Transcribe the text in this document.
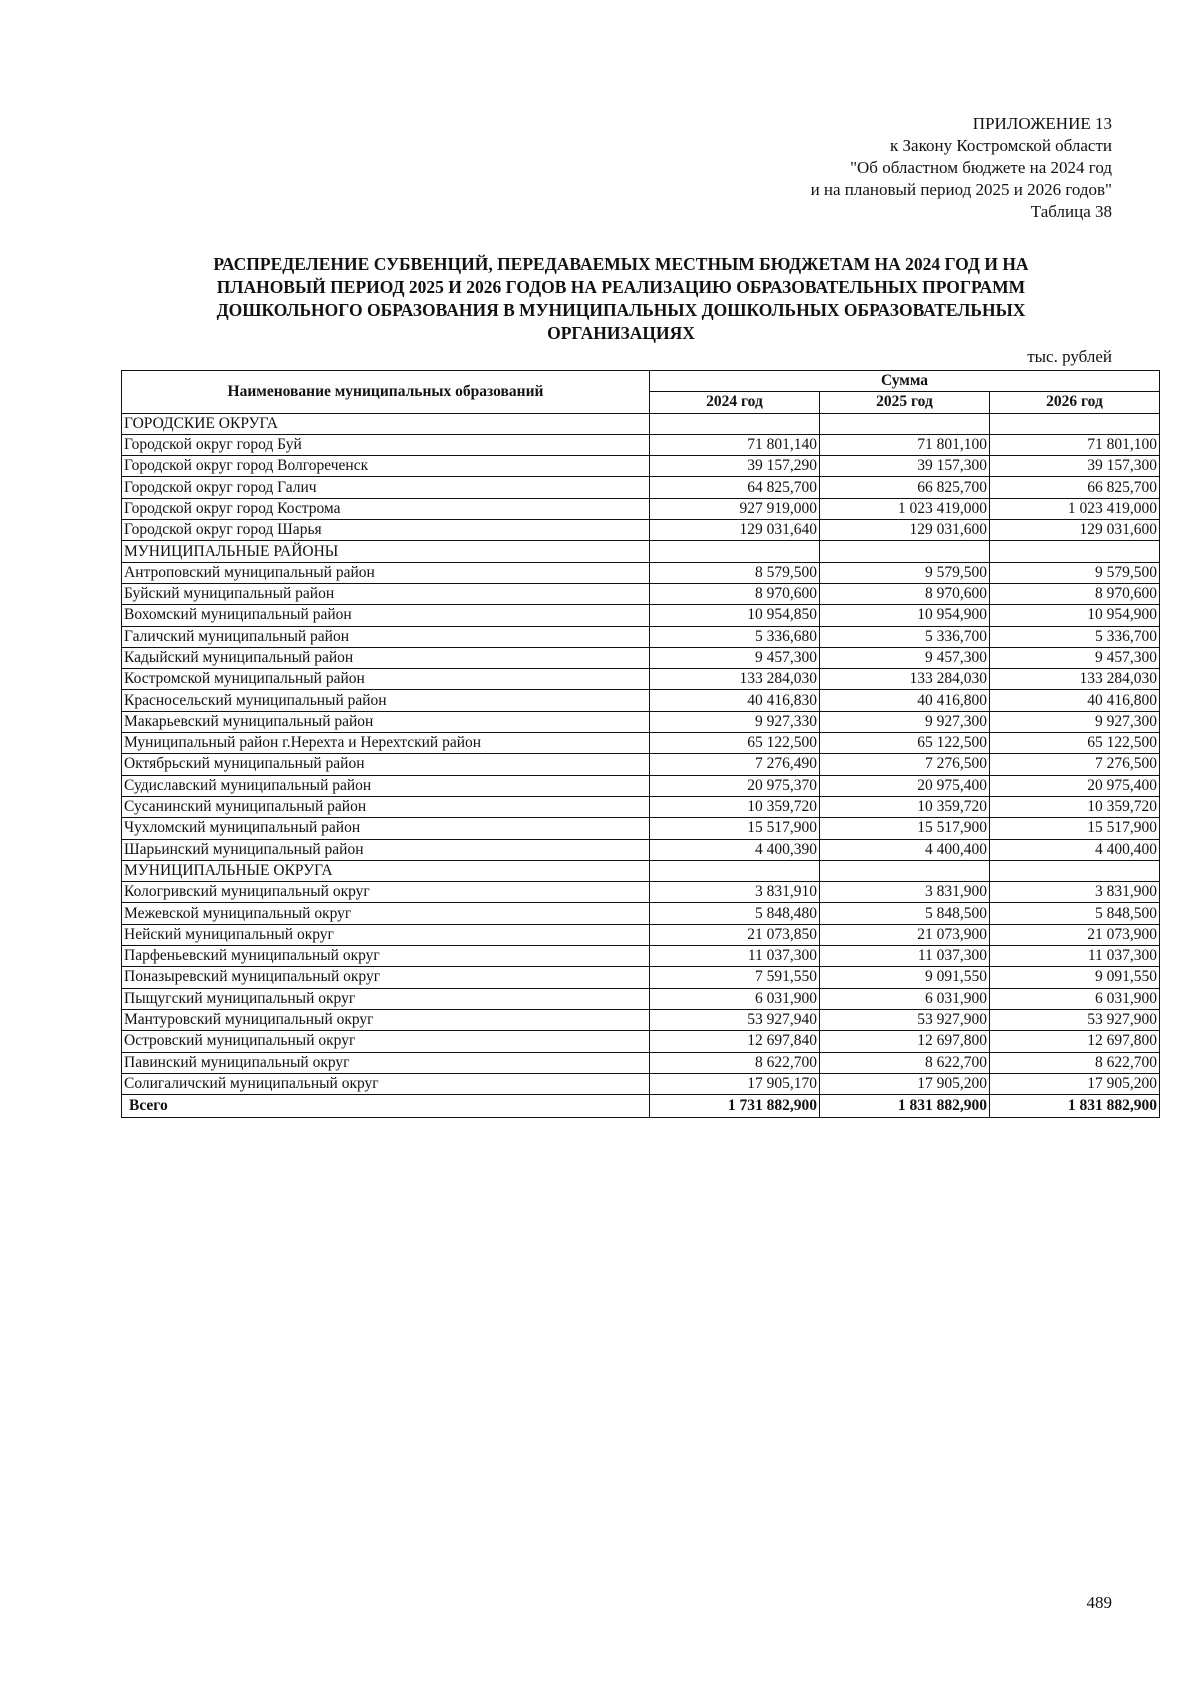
ПРИЛОЖЕНИЕ 13
к Закону Костромской области
"Об областном бюджете на 2024 год
и на плановый период 2025 и 2026 годов"
Таблица 38
РАСПРЕДЕЛЕНИЕ СУБВЕНЦИЙ, ПЕРЕДАВАЕМЫХ МЕСТНЫМ БЮДЖЕТАМ НА 2024 ГОД И НА
ПЛАНОВЫЙ ПЕРИОД 2025 И 2026 ГОДОВ НА РЕАЛИЗАЦИЮ ОБРАЗОВАТЕЛЬНЫХ ПРОГРАММ
ДОШКОЛЬНОГО ОБРАЗОВАНИЯ В МУНИЦИПАЛЬНЫХ ДОШКОЛЬНЫХ ОБРАЗОВАТЕЛЬНЫХ
ОРГАНИЗАЦИЯХ
тыс. рублей
Наименование муниципальных образований	Сумма		
	2024 год	2025 год	2026 год
ГОРОДСКИЕ ОКРУГА			
Городской округ город Буй	71 801,140	71 801,100	71 801,100
Городской округ город Волгореченск	39 157,290	39 157,300	39 157,300
Городской округ город Галич	64 825,700	66 825,700	66 825,700
Городской округ город Кострома	927 919,000	1 023 419,000	1 023 419,000
Городской округ город Шарья	129 031,640	129 031,600	129 031,600
МУНИЦИПАЛЬНЫЕ РАЙОНЫ			
Антроповский муниципальный район	8 579,500	9 579,500	9 579,500
Буйский муниципальный район	8 970,600	8 970,600	8 970,600
Вохомский муниципальный район	10 954,850	10 954,900	10 954,900
Галичский муниципальный район	5 336,680	5 336,700	5 336,700
Кадыйский муниципальный район	9 457,300	9 457,300	9 457,300
Костромской муниципальный район	133 284,030	133 284,030	133 284,030
Красносельский муниципальный район	40 416,830	40 416,800	40 416,800
Макарьевский муниципальный район	9 927,330	9 927,300	9 927,300
Муниципальный район г.Нерехта и Нерехтский район	65 122,500	65 122,500	65 122,500
Октябрьский муниципальный район	7 276,490	7 276,500	7 276,500
Судиславский муниципальный район	20 975,370	20 975,400	20 975,400
Сусанинский муниципальный район	10 359,720	10 359,720	10 359,720
Чухломский муниципальный район	15 517,900	15 517,900	15 517,900
Шарьинский муниципальный район	4 400,390	4 400,400	4 400,400
МУНИЦИПАЛЬНЫЕ ОКРУГА			
Кологривский муниципальный округ	3 831,910	3 831,900	3 831,900
Межевской муниципальный округ	5 848,480	5 848,500	5 848,500
Нейский муниципальный округ	21 073,850	21 073,900	21 073,900
Парфеньевский муниципальный округ	11 037,300	11 037,300	11 037,300
Поназыревский муниципальный округ	7 591,550	9 091,550	9 091,550
Пыщугский муниципальный округ	6 031,900	6 031,900	6 031,900
Мантуровский муниципальный округ	53 927,940	53 927,900	53 927,900
Островский муниципальный округ	12 697,840	12 697,800	12 697,800
Павинский муниципальный округ	8 622,700	8 622,700	8 622,700
Солигаличский муниципальный округ	17 905,170	17 905,200	17 905,200
Всего	1 731 882,900	1 831 882,900	1 831 882,900
489
